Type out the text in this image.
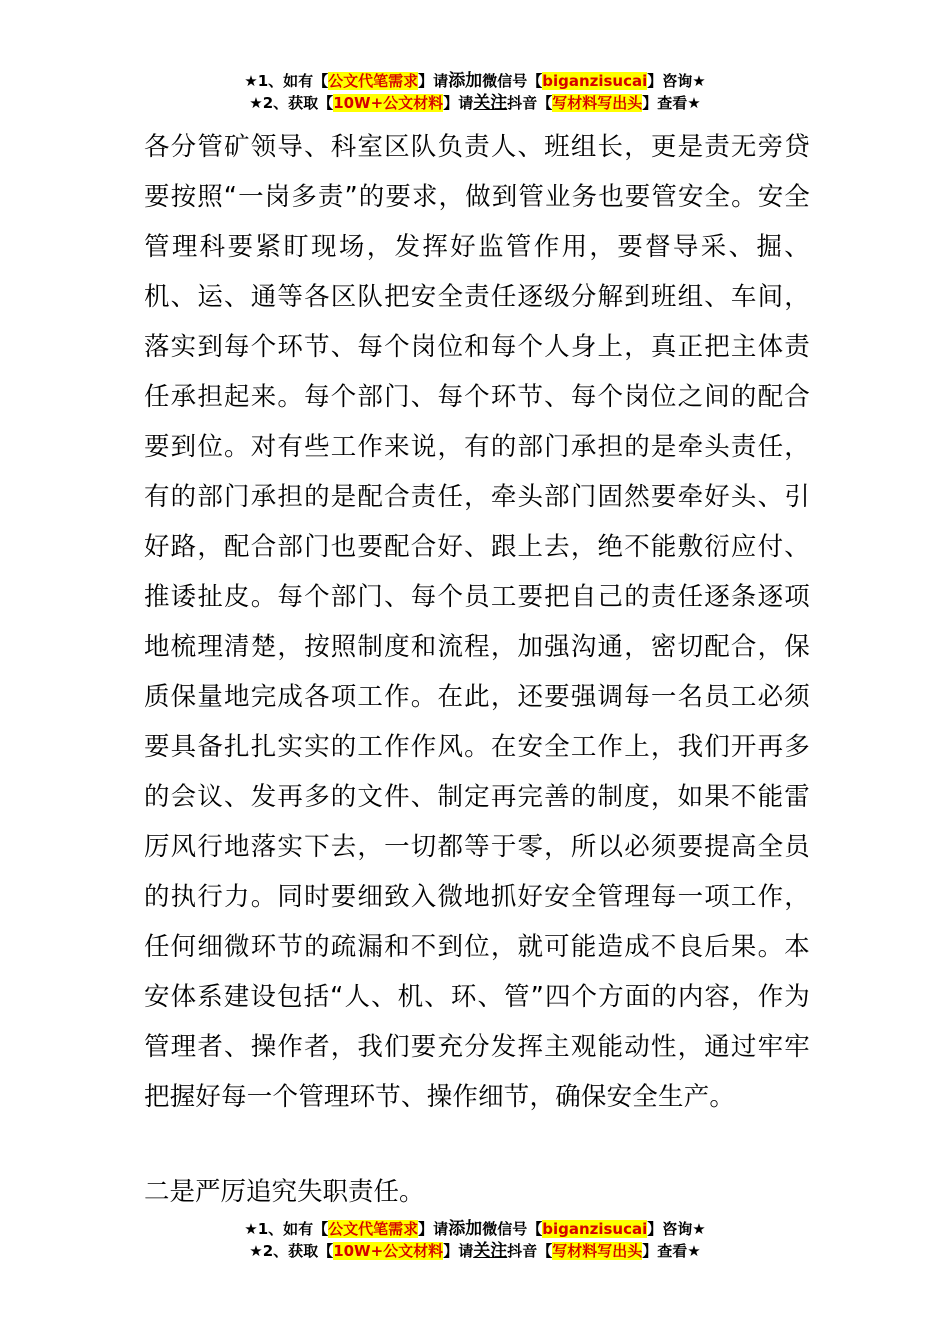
★1、如有【公文代笔需求】请添加微信号【biganzisucai】咨询★
★2、获取【10W+公文材料】请关注抖音【写材料写出头】查看★

各分管矿领导、科室区队负责人、班组长，更是责无旁贷要按照“一岗多责”的要求，做到管业务也要管安全。安全管理科要紧盯现场，发挥好监管作用，要督导采、掘、机、运、通等各区队把安全责任逐级分解到班组、车间，落实到每个环节、每个岗位和每个人身上，真正把主体责任承担起来。每个部门、每个环节、每个岗位之间的配合要到位。对有些工作来说，有的部门承担的是牵头责任，有的部门承担的是配合责任，牵头部门固然要牵好头、引好路，配合部门也要配合好、跟上去，绝不能敷衍应付、推诿扯皮。每个部门、每个员工要把自己的责任逐条逐项地梳理清楚，按照制度和流程，加强沟通，密切配合，保质保量地完成各项工作。在此，还要强调每一名员工必须要具备扎扎实实的工作作风。在安全工作上，我们开再多的会议、发再多的文件、制定再完善的制度，如果不能雷厉风行地落实下去，一切都等于零，所以必须要提高全员的执行力。同时要细致入微地抓好安全管理每一项工作，任何细微环节的疏漏和不到位，就可能造成不良后果。本安体系建设包括“人、机、环、管”四个方面的内容，作为管理者、操作者，我们要充分发挥主观能动性，通过牢牢把握好每一个管理环节、操作细节，确保安全生产。

二是严厉追究失职责任。

★1、如有【公文代笔需求】请添加微信号【biganzisucai】咨询★
★2、获取【10W+公文材料】请关注抖音【写材料写出头】查看★
